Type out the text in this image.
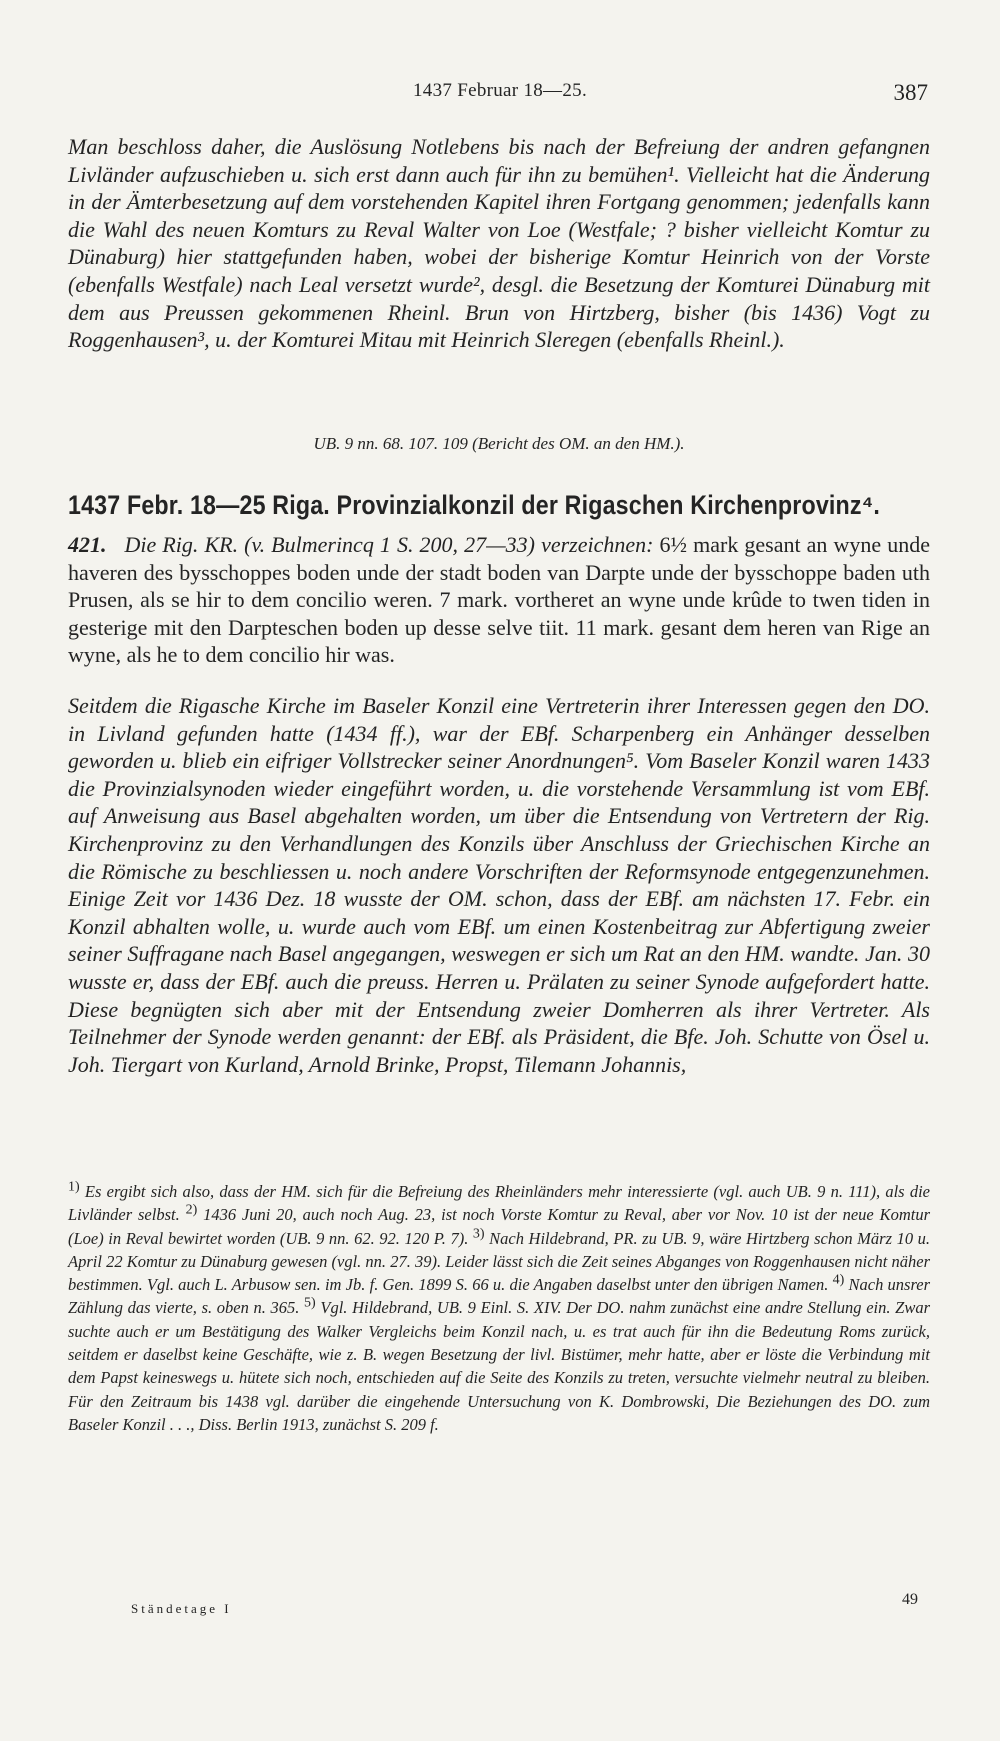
1437 Februar 18—25.	387

Man beschloss daher, die Auslösung Notlebens bis nach der Befreiung der andren gefangnen Livländer aufzuschieben u. sich erst dann auch für ihn zu bemühen¹. Vielleicht hat die Änderung in der Ämterbesetzung auf dem vorstehenden Kapitel ihren Fortgang genommen; jedenfalls kann die Wahl des neuen Komturs zu Reval Walter von Loe (Westfale; ? bisher vielleicht Komtur zu Dünaburg) hier stattgefunden haben, wobei der bisherige Komtur Heinrich von der Vorste (ebenfalls Westfale) nach Leal versetzt wurde², desgl. die Besetzung der Komturei Dünaburg mit dem aus Preussen gekommenen Rheinl. Brun von Hirtzberg, bisher (bis 1436) Vogt zu Roggenhausen³, u. der Komturei Mitau mit Heinrich Sleregen (ebenfalls Rheinl.).

UB. 9 nn. 68. 107. 109 (Bericht des OM. an den HM.).

1437 Febr. 18—25 Riga. Provinzialkonzil der Rigaschen Kirchenprovinz⁴.

421. Die Rig. KR. (v. Bulmerincq 1 S. 200, 27—33) verzeichnen: 6½ mark gesant an wyne unde haveren des bysschoppes boden unde der stadt boden van Darpte unde der bysschoppe baden uth Prusen, als se hir to dem concilio weren. 7 mark. vortheret an wyne unde krûde to twen tiden in gesterige mit den Darpteschen boden up desse selve tiit. 11 mark. gesant dem heren van Rige an wyne, als he to dem concilio hir was.

Seitdem die Rigasche Kirche im Baseler Konzil eine Vertreterin ihrer Interessen gegen den DO. in Livland gefunden hatte (1434 ff.), war der EBf. Scharpenberg ein Anhänger desselben geworden u. blieb ein eifriger Vollstrecker seiner Anordnungen⁵. Vom Baseler Konzil waren 1433 die Provinzialsynoden wieder eingeführt worden, u. die vorstehende Versammlung ist vom EBf. auf Anweisung aus Basel abgehalten worden, um über die Entsendung von Vertretern der Rig. Kirchenprovinz zu den Verhandlungen des Konzils über Anschluss der Griechischen Kirche an die Römische zu beschliessen u. noch andere Vorschriften der Reformsynode entgegenzunehmen. Einige Zeit vor 1436 Dez. 18 wusste der OM. schon, dass der EBf. am nächsten 17. Febr. ein Konzil abhalten wolle, u. wurde auch vom EBf. um einen Kostenbeitrag zur Abfertigung zweier seiner Suffragane nach Basel angegangen, weswegen er sich um Rat an den HM. wandte. Jan. 30 wusste er, dass der EBf. auch die preuss. Herren u. Prälaten zu seiner Synode aufgefordert hatte. Diese begnügten sich aber mit der Entsendung zweier Domherren als ihrer Vertreter. Als Teilnehmer der Synode werden genannt: der EBf. als Präsident, die Bfe. Joh. Schutte von Ösel u. Joh. Tiergart von Kurland, Arnold Brinke, Propst, Tilemann Johannis,

$^{1)}$ Es ergibt sich also, dass der HM. sich für die Befreiung des Rheinländers mehr interessierte (vgl. auch UB. 9 n. 111), als die Livländer selbst. $^{2)}$ 1436 Juni 20, auch noch Aug. 23, ist noch Vorste Komtur zu Reval, aber vor Nov. 10 ist der neue Komtur (Loe) in Reval bewirtet worden (UB. 9 nn. 62. 92. 120 P. 7). $^{3)}$ Nach Hildebrand, PR. zu UB. 9, wäre Hirtzberg schon März 10 u. April 22 Komtur zu Dünaburg gewesen (vgl. nn. 27. 39). Leider lässt sich die Zeit seines Abganges von Roggenhausen nicht näher bestimmen. Vgl. auch L. Arbusow sen. im Jb. f. Gen. 1899 S. 66 u. die Angaben daselbst unter den übrigen Namen. $^{4)}$ Nach unsrer Zählung das vierte, s. oben n. 365. $^{5)}$ Vgl. Hildebrand, UB. 9 Einl. S. XIV. Der DO. nahm zunächst eine andre Stellung ein. Zwar suchte auch er um Bestätigung des Walker Vergleichs beim Konzil nach, u. es trat auch für ihn die Bedeutung Roms zurück, seitdem er daselbst keine Geschäfte, wie z. B. wegen Besetzung der livl. Bistümer, mehr hatte, aber er löste die Verbindung mit dem Papst keineswegs u. hütete sich noch, entschieden auf die Seite des Konzils zu treten, versuchte vielmehr neutral zu bleiben. Für den Zeitraum bis 1438 vgl. darüber die eingehende Untersuchung von K. Dombrowski, Die Beziehungen des DO. zum Baseler Konzil . . ., Diss. Berlin 1913, zunächst S. 209 f.

Ständetage I
49
